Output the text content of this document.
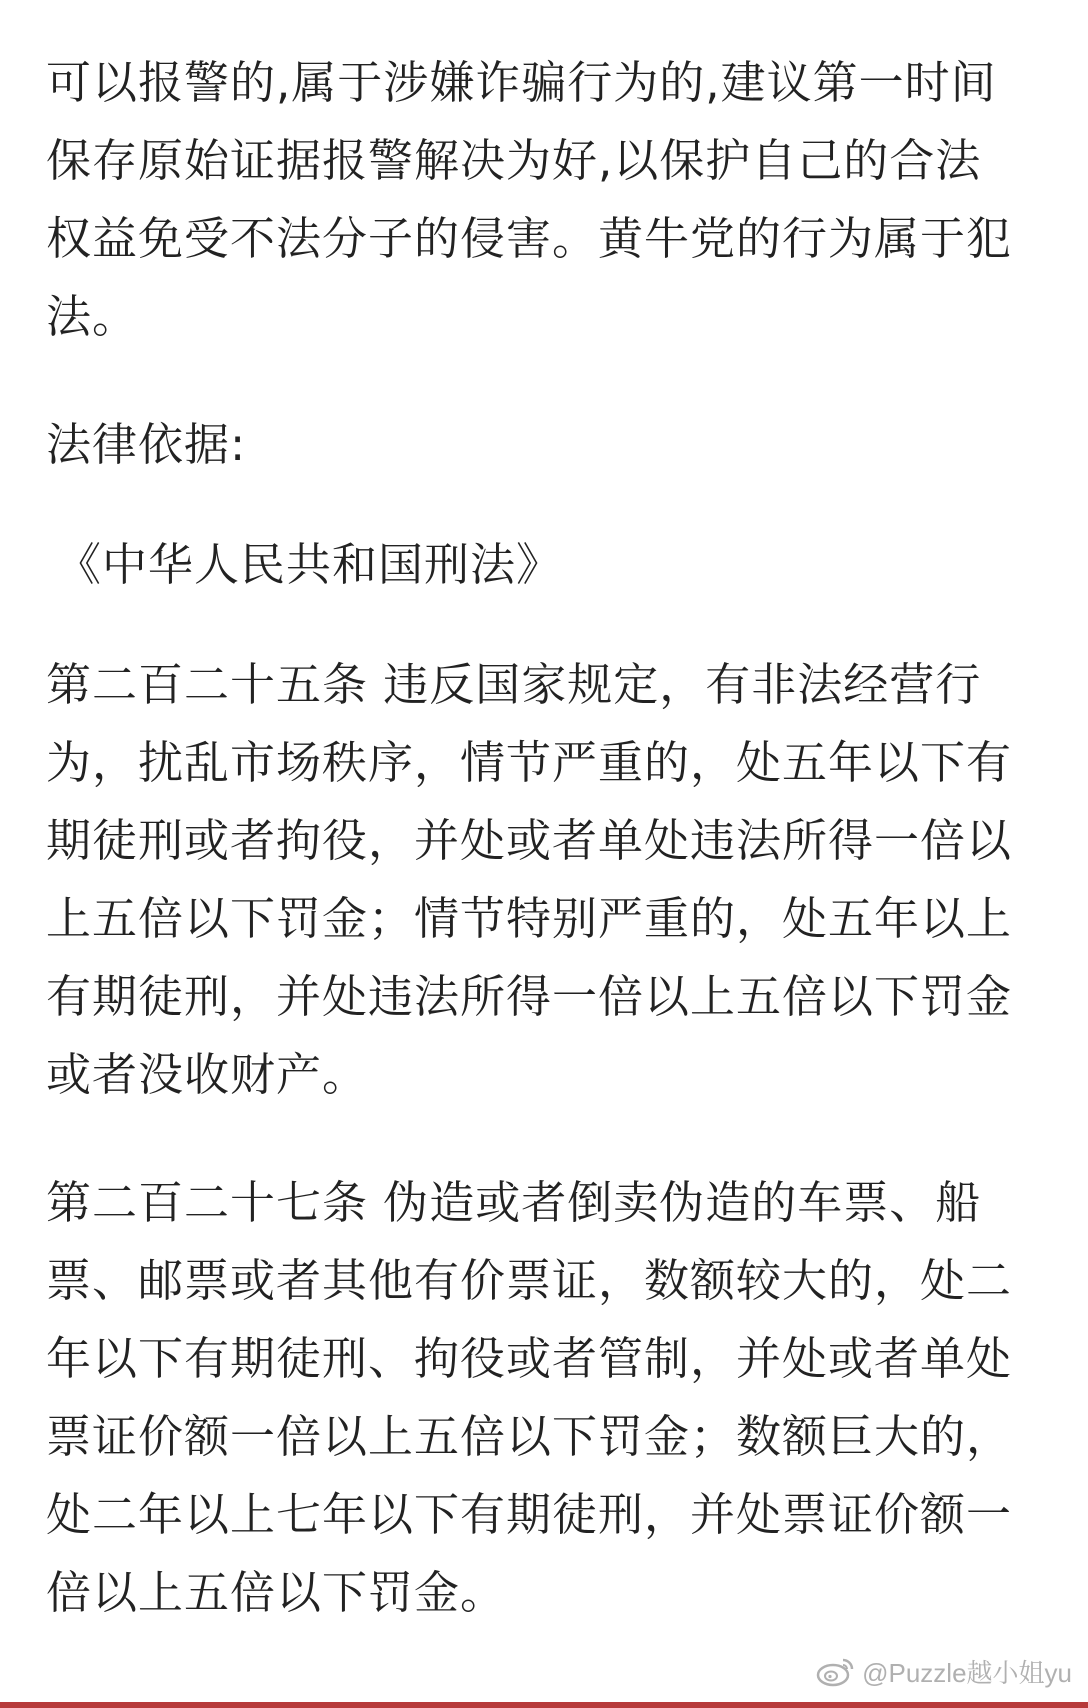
可以报警的,属于涉嫌诈骗行为的,建议第一时间
保存原始证据报警解决为好,以保护自己的合法
权益免受不法分子的侵害。黄牛党的行为属于犯
法。

法律依据:

《中华人民共和国刑法》

第二百二十五条 违反国家规定，有非法经营行
为，扰乱市场秩序，情节严重的，处五年以下有
期徒刑或者拘役，并处或者单处违法所得一倍以
上五倍以下罚金；情节特别严重的，处五年以上
有期徒刑，并处违法所得一倍以上五倍以下罚金
或者没收财产。

第二百二十七条 伪造或者倒卖伪造的车票、船
票、邮票或者其他有价票证，数额较大的，处二
年以下有期徒刑、拘役或者管制，并处或者单处
票证价额一倍以上五倍以下罚金；数额巨大的，
处二年以上七年以下有期徒刑，并处票证价额一
倍以上五倍以下罚金。

@Puzzle越小姐yu
